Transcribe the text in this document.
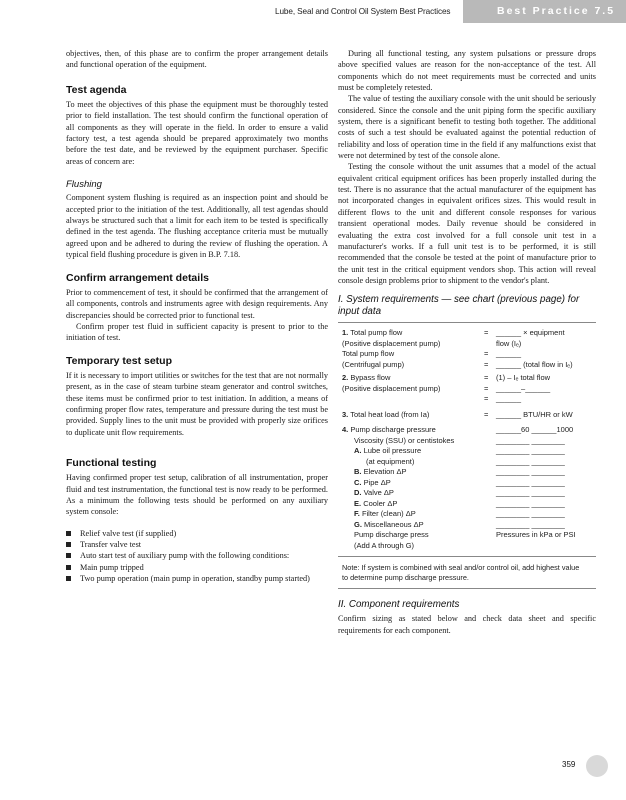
Lube, Seal and Control Oil System Best Practices	Best Practice 7.5

objectives, then, of this phase are to confirm the proper arrangement details and functional operation of the equipment.

Test agenda

To meet the objectives of this phase the equipment must be thoroughly tested prior to field installation. The test should confirm the functional operation of all components as they will operate in the field. In order to ensure a valid factory test, a test agenda should be prepared approximately two months before the test date, and be reviewed by the equipment purchaser. Specific areas of concern are:

Flushing

Component system flushing is required as an inspection point and should be accepted prior to the initiation of the test. Additionally, all test agendas should always be structured such that a limit for each item to be tested is specifically defined in the test agenda. The flushing acceptance criteria must be mutually agreed upon and be adhered to during the review of flushing the operation. A typical field flushing procedure is given in B.P. 7.18.

Confirm arrangement details

Prior to commencement of test, it should be confirmed that the arrangement of all components, controls and instruments agree with design requirements. Any discrepancies should be corrected prior to functional test.

Confirm proper test fluid in sufficient capacity is present to prior to the initiation of test.

Temporary test setup

If it is necessary to import utilities or switches for the test that are not normally present, as in the case of steam turbine steam generator and control switches, these items must be confirmed prior to test initiation. In addition, a means of confirming proper flow rates, temperature and pressure during the test must be provided. Supply lines to the unit must be provided with properly size orifices to duplicate unit flow requirements.

Functional testing

Having confirmed proper test setup, calibration of all instrumentation, proper fluid and test instrumentation, the functional test is now ready to be performed. As a minimum the following tests should be performed on any auxiliary system console:

Relief valve test (if supplied)
Transfer valve test
Auto start test of auxiliary pump with the following conditions:
Main pump tripped
Two pump operation (main pump in operation, standby pump started)

During all functional testing, any system pulsations or pressure drops above specified values are reason for the non-acceptance of the test. All components which do not meet requirements must be corrected and units must be completely retested.

The value of testing the auxiliary console with the unit should be seriously considered. Since the console and the unit piping form the specific auxiliary system, there is a significant benefit to testing both together. The additional costs of such a test should be evaluated against the potential reduction of reliability and loss of operation time in the field if any malfunctions exist that were not determined by test of the console alone.

Testing the console without the unit assumes that a model of the actual equivalent critical equipment orifices has been properly installed during the test. There is no assurance that the actual manufacturer of the equipment has not incorporated changes in equivalent orifices sizes. This would result in different flows to the unit and different console responses for various transient operational modes. Daily revenue should be considered in evaluating the extra cost involved for a full console unit test in a manufacturer's works. If a full unit test is to be performed, it is still recommended that the console be tested at the point of manufacture prior to the unit test in the critical equipment vendors shop. This action will reveal console design problems prior to shipment to the vendor's plant.

I. System requirements — see chart (previous page) for input data
1. Total pump flow	= ______ × equipment
(Positive displacement pump)	flow (Iₑ)
Total pump flow	= ______
(Centrifugal pump)	= ______ (total flow in Iₑ)
2. Bypass flow	= (1) – Iₑ total flow
(Positive displacement pump)	= ______–______
= ______
3. Total heat load (from Ia)	= ______ BTU/HR or kW
4. Pump discharge pressure	______60 ______1000
Viscosity (SSU) or centistokes	________ ________
A. Lube oil pressure	________ ________
(at equipment)	________ ________
B. Elevation ΔP	________ ________
C. Pipe ΔP	________ ________
D. Valve ΔP	________ ________
E. Cooler ΔP	________ ________
F. Filter (clean) ΔP	________ ________
G. Miscellaneous ΔP	________ ________
Pump discharge press	Pressures in kPa or PSI
(Add A through G)
Note: If system is combined with seal and/or control oil, add highest value to determine pump discharge pressure.
II. Component requirements

Confirm sizing as stated below and check data sheet and specific requirements for each component.

359
